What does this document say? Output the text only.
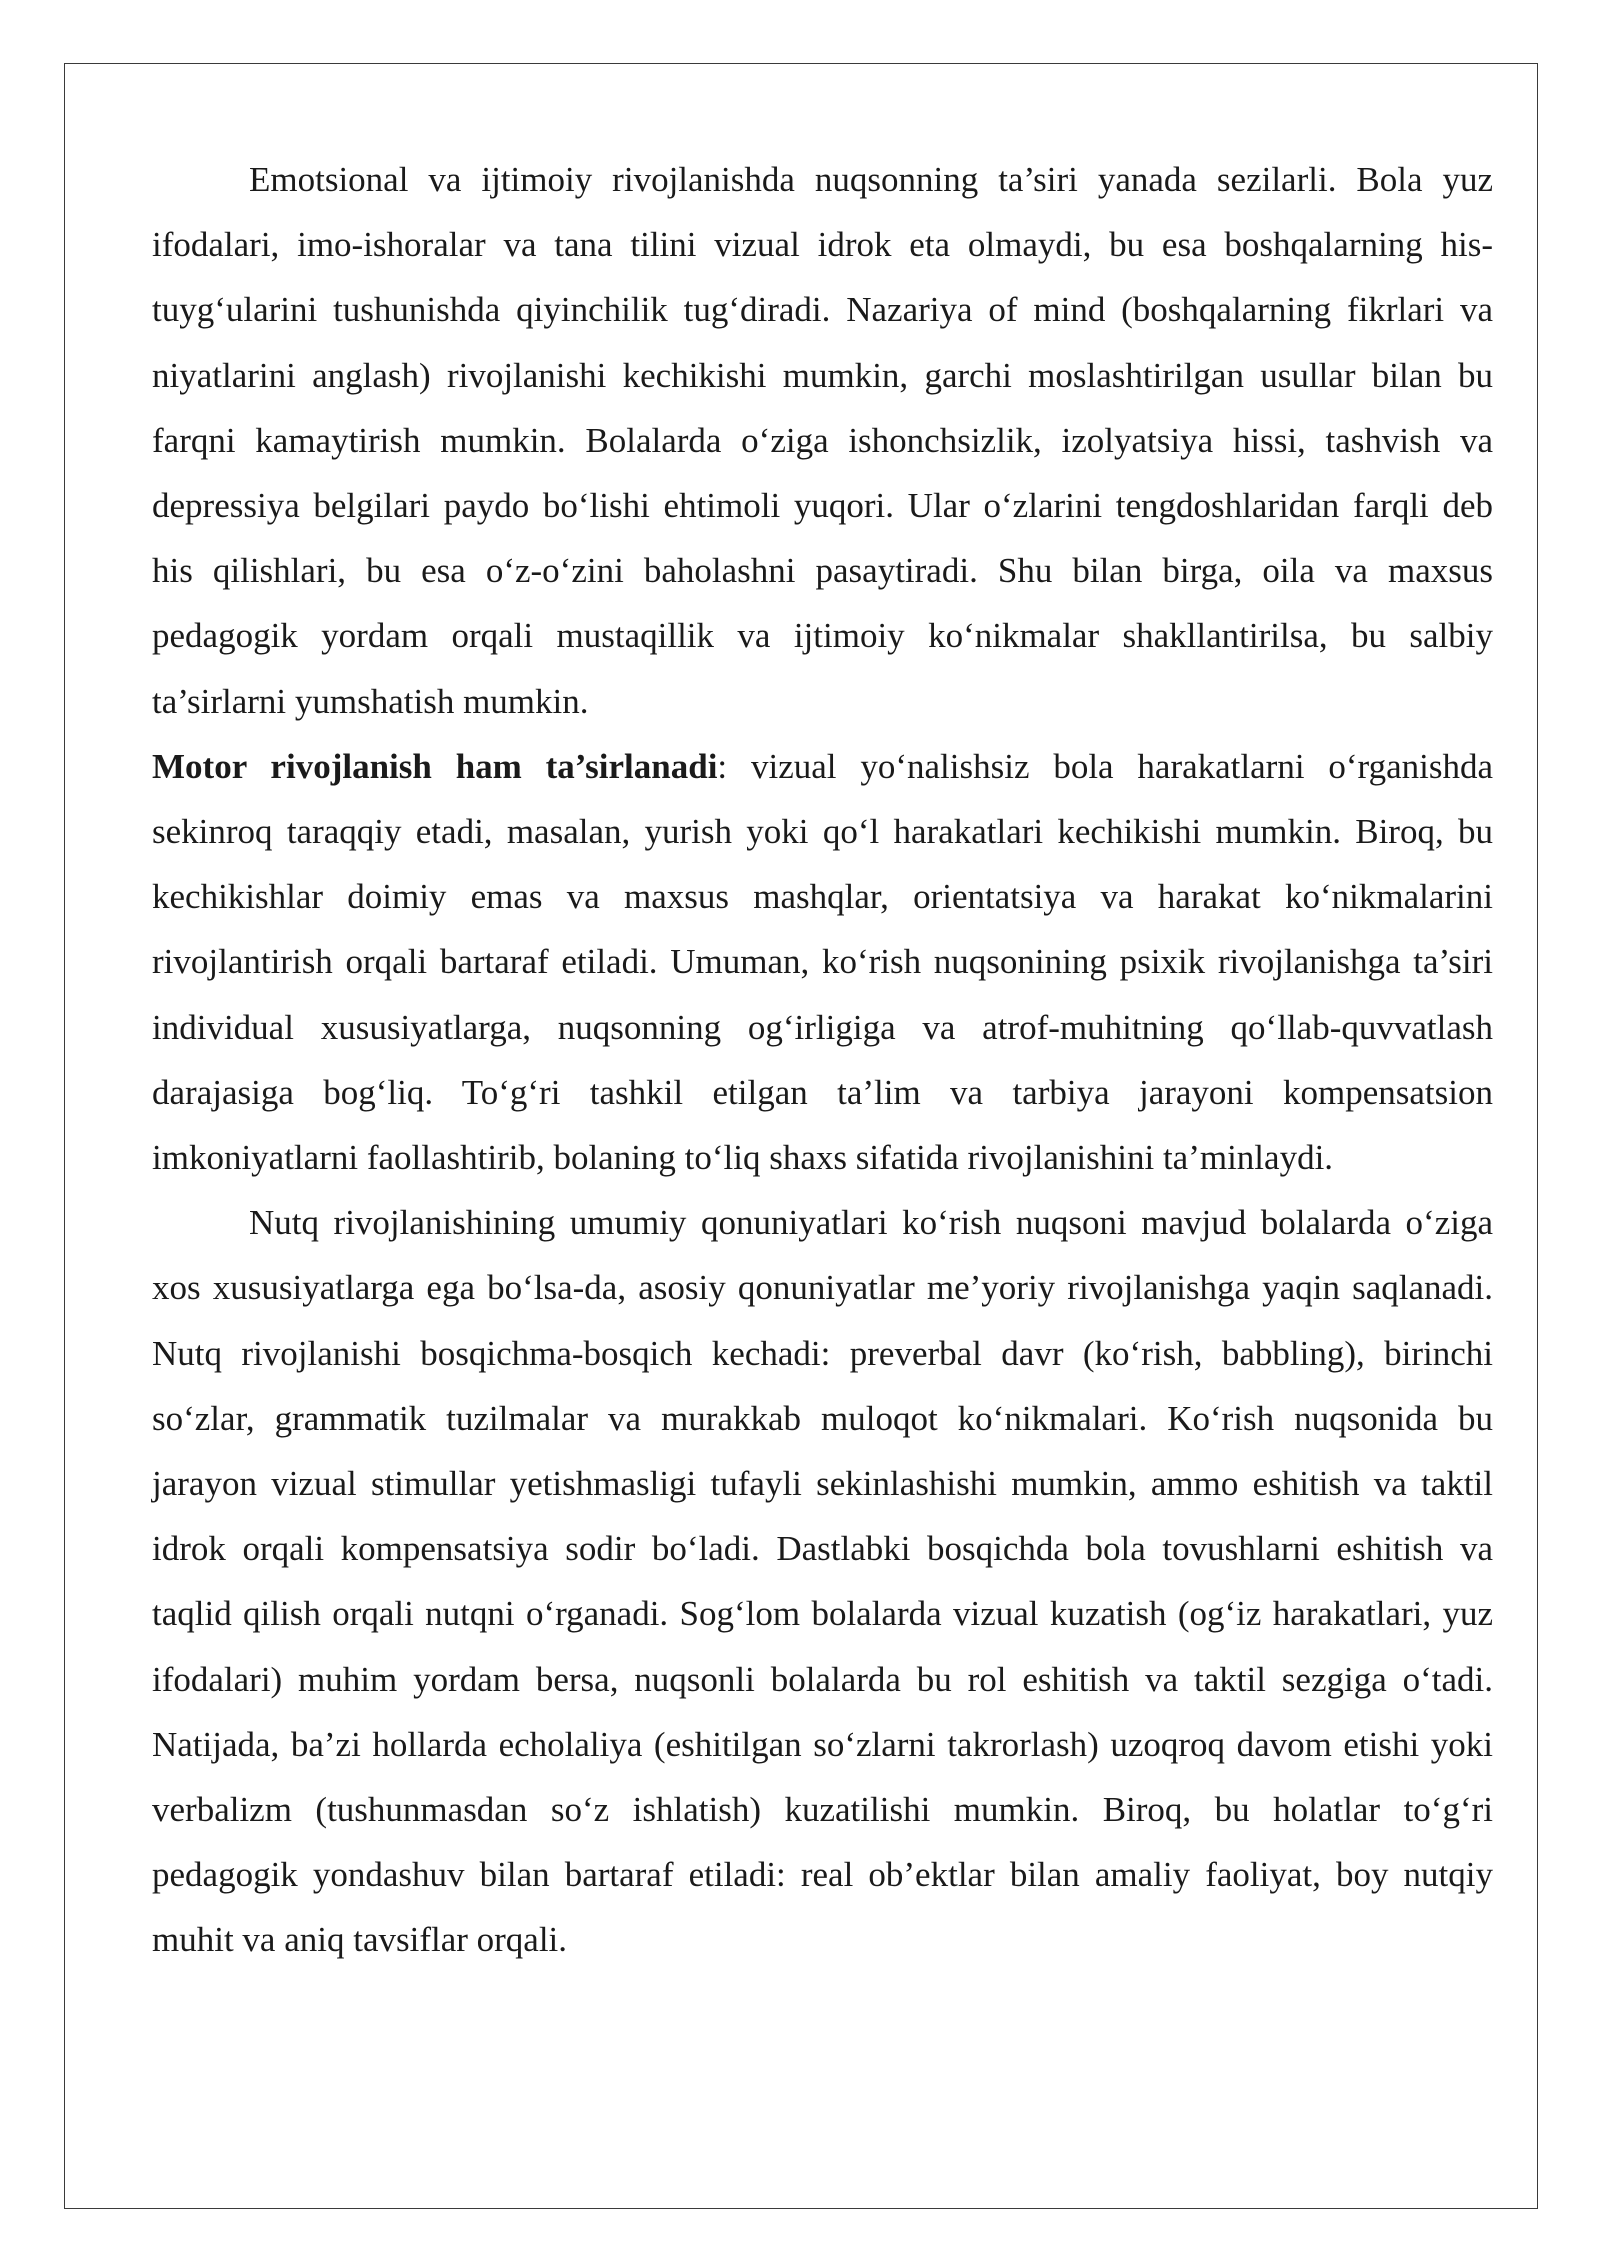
Emotsional va ijtimoiy rivojlanishda nuqsonning ta’siri yanada sezilarli. Bola yuz ifodalari, imo-ishoralar va tana tilini vizual idrok eta olmaydi, bu esa boshqalarning his-tuyg‘ularini tushunishda qiyinchilik tug‘diradi. Nazariya of mind (boshqalarning fikrlari va niyatlarini anglash) rivojlanishi kechikishi mumkin, garchi moslashtirilgan usullar bilan bu farqni kamaytirish mumkin. Bolalarda o‘ziga ishonchsizlik, izolyatsiya hissi, tashvish va depressiya belgilari paydo bo‘lishi ehtimoli yuqori. Ular o‘zlarini tengdoshlaridan farqli deb his qilishlari, bu esa o‘z-o‘zini baholashni pasaytiradi. Shu bilan birga, oila va maxsus pedagogik yordam orqali mustaqillik va ijtimoiy ko‘nikmalar shakllantirilsa, bu salbiy ta’sirlarni yumshatish mumkin.

Motor rivojlanish ham ta’sirlanadi: vizual yo‘nalishsiz bola harakatlarni o‘rganishda sekinroq taraqqiy etadi, masalan, yurish yoki qo‘l harakatlari kechikishi mumkin. Biroq, bu kechikishlar doimiy emas va maxsus mashqlar, orientatsiya va harakat ko‘nikmalarini rivojlantirish orqali bartaraf etiladi. Umuman, ko‘rish nuqsonining psixik rivojlanishga ta’siri individual xususiyatlarga, nuqsonning og‘irligiga va atrof-muhitning qo‘llab-quvvatlash darajasiga bog‘liq. To‘g‘ri tashkil etilgan ta’lim va tarbiya jarayoni kompensatsion imkoniyatlarni faollashtirib, bolaning to‘liq shaxs sifatida rivojlanishini ta’minlaydi.

Nutq rivojlanishining umumiy qonuniyatlari ko‘rish nuqsoni mavjud bolalarda o‘ziga xos xususiyatlarga ega bo‘lsa-da, asosiy qonuniyatlar me’yoriy rivojlanishga yaqin saqlanadi. Nutq rivojlanishi bosqichma-bosqich kechadi: preverbal davr (ko‘rish, babbling), birinchi so‘zlar, grammatik tuzilmalar va murakkab muloqot ko‘nikmalari. Ko‘rish nuqsonida bu jarayon vizual stimullar yetishmasligi tufayli sekinlashishi mumkin, ammo eshitish va taktil idrok orqali kompensatsiya sodir bo‘ladi. Dastlabki bosqichda bola tovushlarni eshitish va taqlid qilish orqali nutqni o‘rganadi. Sog‘lom bolalarda vizual kuzatish (og‘iz harakatlari, yuz ifodalari) muhim yordam bersa, nuqsonli bolalarda bu rol eshitish va taktil sezgiga o‘tadi. Natijada, ba’zi hollarda echolaliya (eshitilgan so‘zlarni takrorlash) uzoqroq davom etishi yoki verbalizm (tushunmasdan so‘z ishlatish) kuzatilishi mumkin. Biroq, bu holatlar to‘g‘ri pedagogik yondashuv bilan bartaraf etiladi: real ob’ektlar bilan amaliy faoliyat, boy nutqiy muhit va aniq tavsiflar orqali.
